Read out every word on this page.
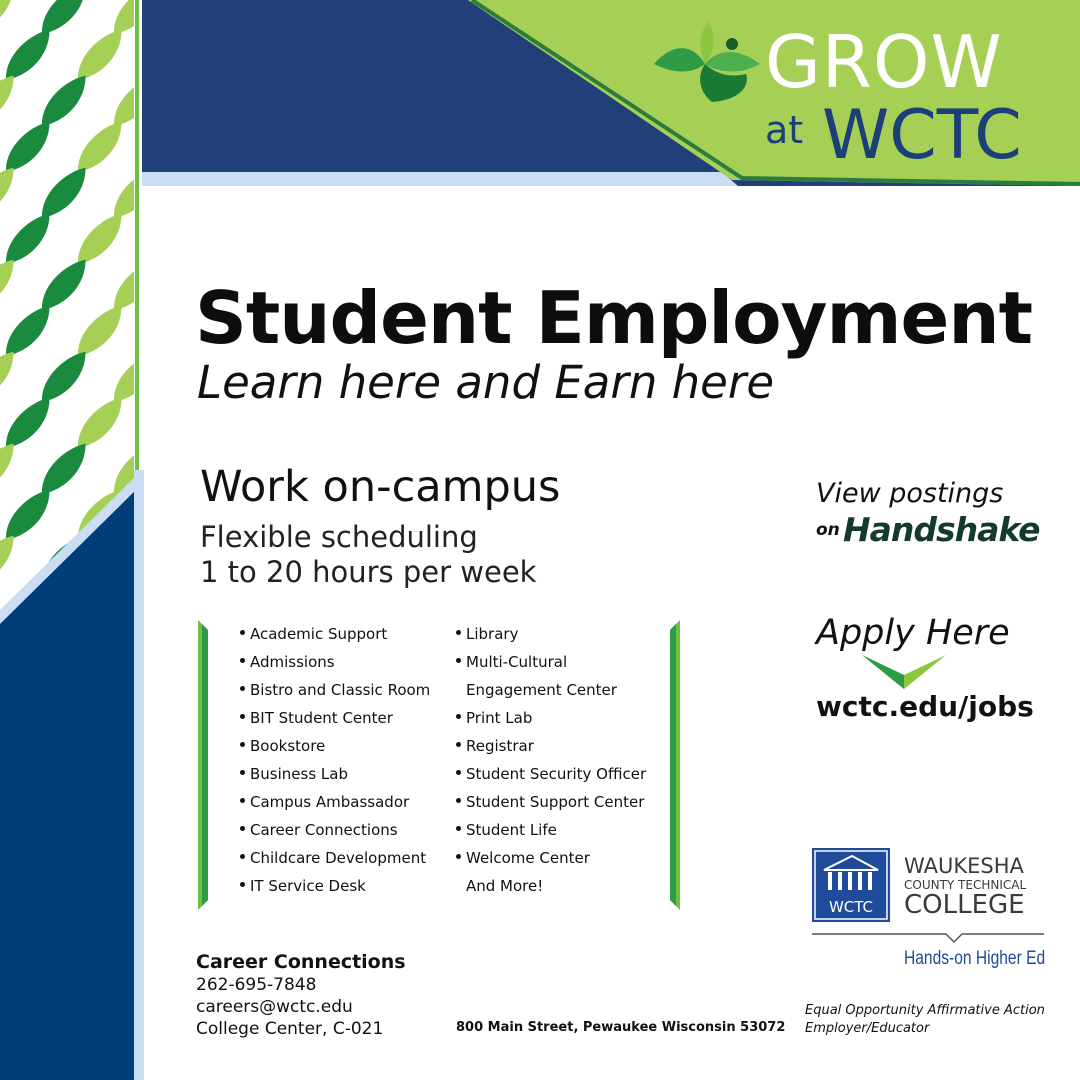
GROW
at WCTC
Student Employment
Learn here and Earn here
Work on-campus
Flexible scheduling
1 to 20 hours per week
Academic Support
Admissions
Bistro and Classic Room
BIT Student Center
Bookstore
Business Lab
Campus Ambassador
Career Connections
Childcare Development
IT Service Desk
Library
Multi-Cultural
Engagement Center
Print Lab
Registrar
Student Security Officer
Student Support Center
Student Life
Welcome Center
And More!
View postings
on Handshake
Apply Here
wctc.edu/jobs
WCTC
WAUKESHA
COUNTY TECHNICAL
COLLEGE
Hands-on Higher Ed
Career Connections
262-695-7848
careers@wctc.edu
College Center, C-021	800 Main Street, Pewaukee Wisconsin 53072
Equal Opportunity Affirmative Action
Employer/Educator
